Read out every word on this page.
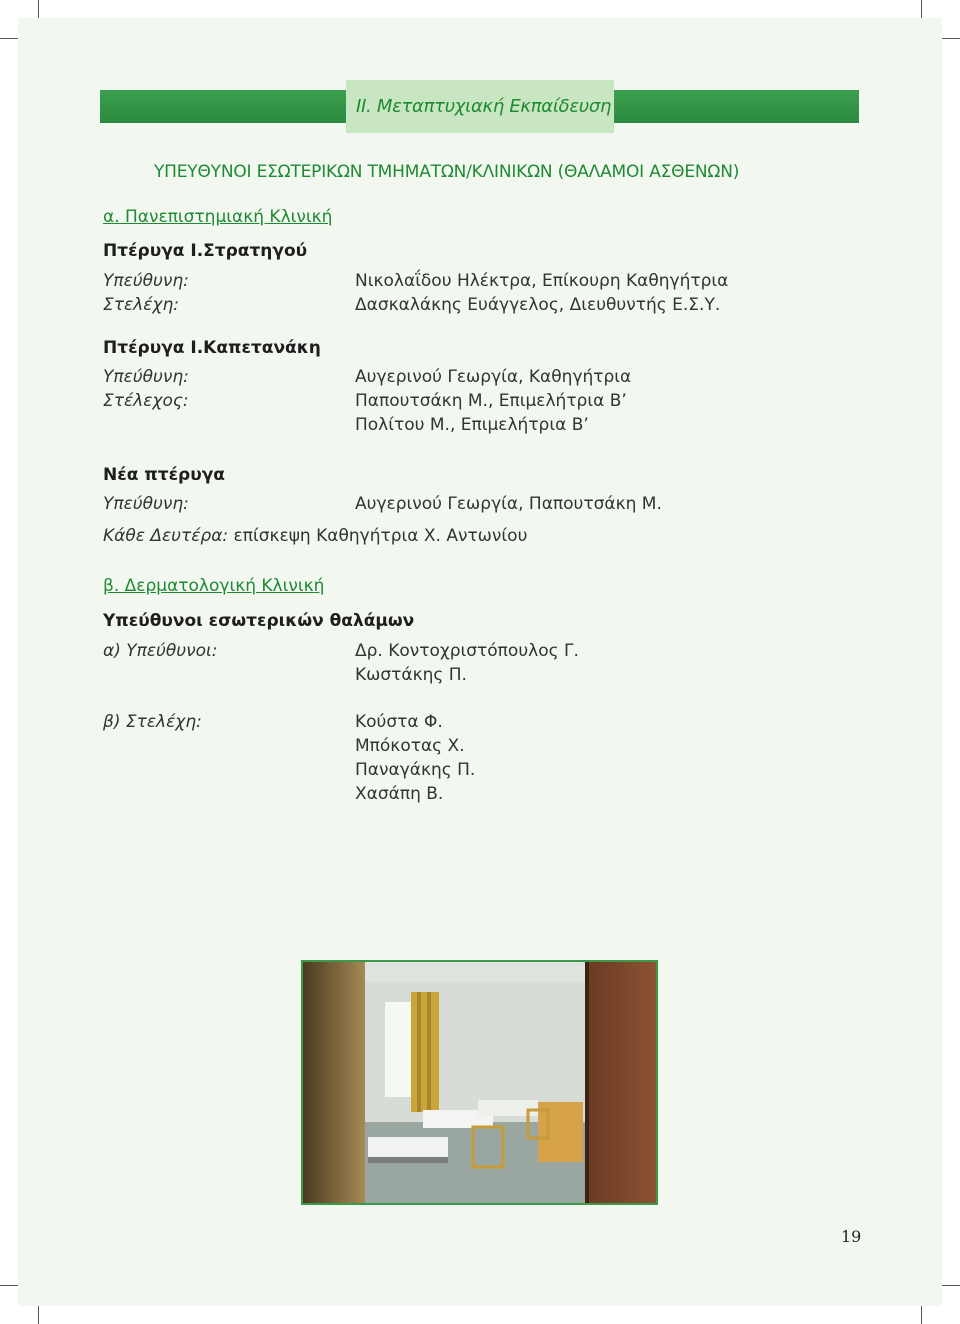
II. Μεταπτυχιακή Εκπαίδευση
ΥΠΕΥΘΥΝΟΙ ΕΣΩΤΕΡΙΚΩΝ ΤΜΗΜΑΤΩΝ/ΚΛΙΝΙΚΩΝ (ΘΑΛΑΜΟΙ ΑΣΘΕΝΩΝ)
α. Πανεπιστημιακή Κλινική
Πτέρυγα Ι.Στρατηγού
Υπεύθυνη:	Νικολαΐδου Ηλέκτρα, Επίκουρη Καθηγήτρια
Στελέχη:	Δασκαλάκης Ευάγγελος, Διευθυντής Ε.Σ.Υ.
Πτέρυγα Ι.Καπετανάκη
Υπεύθυνη:	Αυγερινού Γεωργία, Καθηγήτρια
Στέλεχος:	Παπουτσάκη Μ., Επιμελήτρια Β’
Πολίτου Μ., Επιμελήτρια Β’
Νέα πτέρυγα
Υπεύθυνη:	Αυγερινού Γεωργία, Παπουτσάκη Μ.
Κάθε Δευτέρα: επίσκεψη Καθηγήτρια Χ. Αντωνίου
β. Δερματολογική Κλινική
Υπεύθυνοι εσωτερικών θαλάμων
α) Υπεύθυνοι:	Δρ. Κοντοχριστόπουλος Γ.
Κωστάκης Π.
β) Στελέχη:	Κούστα Φ.
Μπόκοτας Χ.
Παναγάκης Π.
Χασάπη Β.
19
